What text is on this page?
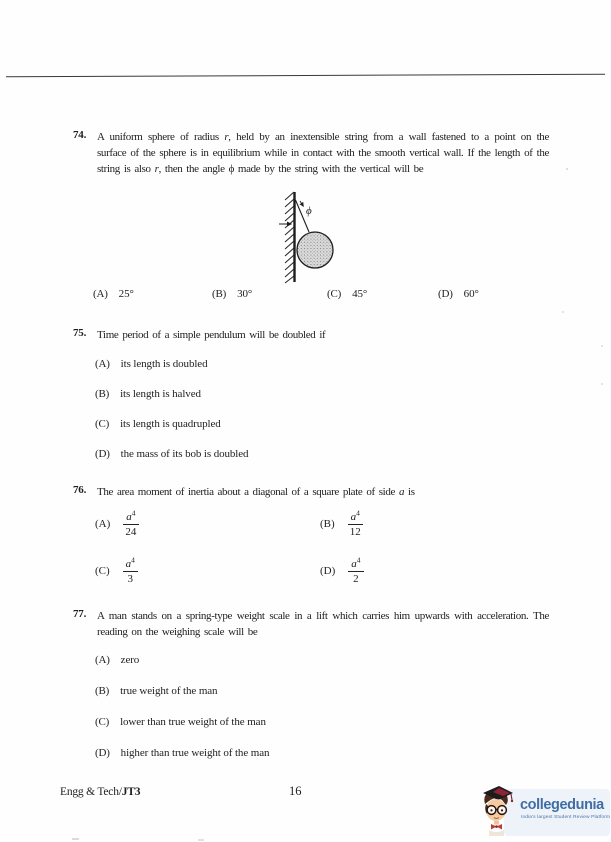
74. A uniform sphere of radius r, held by an inextensible string from a wall fastened to a point on the surface of the sphere is in equilibrium while in contact with the smooth vertical wall. If the length of the string is also r, then the angle ϕ made by the string with the vertical will be

ϕ
(A) 25°	(B) 30°	(C) 45°	(D) 60°
75. Time period of a simple pendulum will be doubled if

(A) its length is doubled
(B) its length is halved
(C) its length is quadrupled
(D) the mass of its bob is doubled
76. The area moment of inertia about a diagonal of a square plate of side a is

$(A) \frac{a^4}{24}$	$(B) \frac{a^4}{12}$
$(C) \frac{a^4}{3}$	$(D) \frac{a^4}{2}$
77. A man stands on a spring-type weight scale in a lift which carries him upwards with acceleration. The reading on the weighing scale will be

(A) zero
(B) true weight of the man
(C) lower than true weight of the man
(D) higher than true weight of the man
Engg & Tech/JT3	16
collegedunia
India's largest Student Review Platform
